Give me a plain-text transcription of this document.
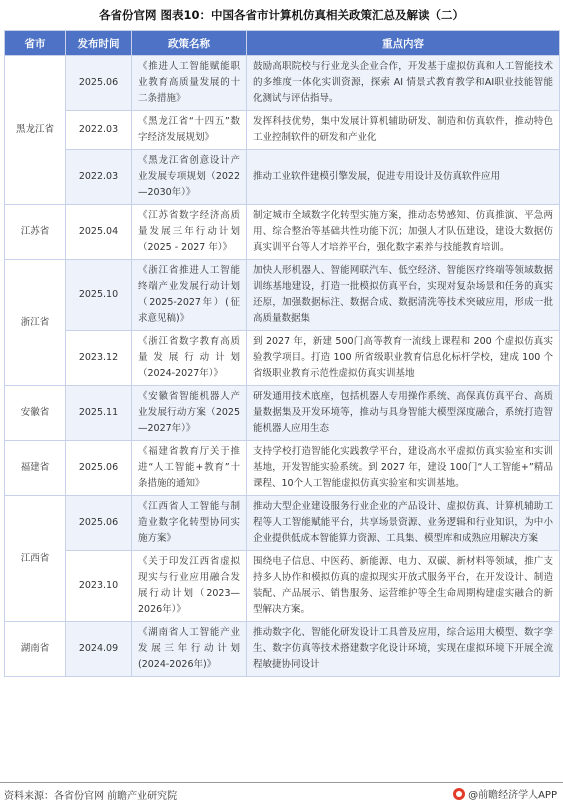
各省份官网 图表10：中国各省市计算机仿真相关政策汇总及解读（二）
省市	发布时间	政策名称	重点内容
黑龙江省	2025.06	《推进人工智能赋能职业教育高质量发展的十二条措施》	鼓励高职院校与行业龙头企业合作，开发基于虚拟仿真和人工智能技术的多维度一体化实训资源，探索 AI 情景式教育教学和AI职业技能智能化测试与评估指导。
	2022.03	《黑龙江省“十四五”数字经济发展规划》	发挥科技优势，集中发展计算机辅助研发、制造和仿真软件，推动特色工业控制软件的研发和产业化
	2022.03	《黑龙江省创意设计产业发展专项规划（2022—2030年）》	推动工业软件建模引擎发展，促进专用设计及仿真软件应用
江苏省	2025.04	《江苏省数字经济高质量发展三年行动计划（2025 - 2027 年）》	制定城市全域数字化转型实施方案，推动态势感知、仿真推演、平急两用、综合整治等基础共性功能下沉；加强人才队伍建设，建设大数据仿真实训平台等人才培养平台，强化数字素养与技能教育培训。
浙江省	2025.10	《浙江省推进人工智能终端产业发展行动计划（2025-2027年）(征求意见稿)》	加快人形机器人、智能网联汽车、低空经济、智能医疗终端等领域数据训练基地建设，打造一批模拟仿真平台，实现对复杂场景和任务的真实还原，加强数据标注、数据合成、数据清洗等技术突破应用，形成一批高质量数据集
	2023.12	《浙江省数字教育高质量发展行动计划（2024-2027年）》	到 2027 年，新建 500门高等教育一流线上课程和 200 个虚拟仿真实验教学项目。打造 100 所省级职业教育信息化标杆学校，建成 100 个省级职业教育示范性虚拟仿真实训基地
安徽省	2025.11	《安徽省智能机器人产业发展行动方案（2025—2027年）》	研发通用技术底座，包括机器人专用操作系统、高保真仿真平台、高质量数据集及开发环境等，推动与具身智能大模型深度融合，系统打造智能机器人应用生态
福建省	2025.06	《福建省教育厅关于推进“人工智能+教育”十条措施的通知》	支持学校打造智能化实践教学平台，建设高水平虚拟仿真实验室和实训基地，开发智能实验系统。到 2027 年，建设 100门“人工智能+”精品课程、10个人工智能虚拟仿真实验室和实训基地。
江西省	2025.06	《江西省人工智能与制造业数字化转型协同实施方案》	推动大型企业建设服务行业企业的产品设计、虚拟仿真、计算机辅助工程等人工智能赋能平台，共享场景资源、业务逻辑和行业知识，为中小企业提供低成本智能算力资源、工具集、模型库和成熟应用解决方案
	2023.10	《关于印发江西省虚拟现实与行业应用融合发展行动计划（2023—2026年）》	围绕电子信息、中医药、新能源、电力、双碳、新材料等领域，推广支持多人协作和模拟仿真的虚拟现实开放式服务平台，在开发设计、制造装配、产品展示、销售服务、运营维护等全生命周期构建虚实融合的新型解决方案。
湖南省	2024.09	《湖南省人工智能产业发展三年行动计划(2024-2026年)》	推动数字化、智能化研发设计工具普及应用，综合运用大模型、数字孪生、数字仿真等技术搭建数字化设计环境，实现在虚拟环境下开展全流程敏捷协同设计
资料来源：各省份官网 前瞻产业研究院	@前瞻经济学人APP
